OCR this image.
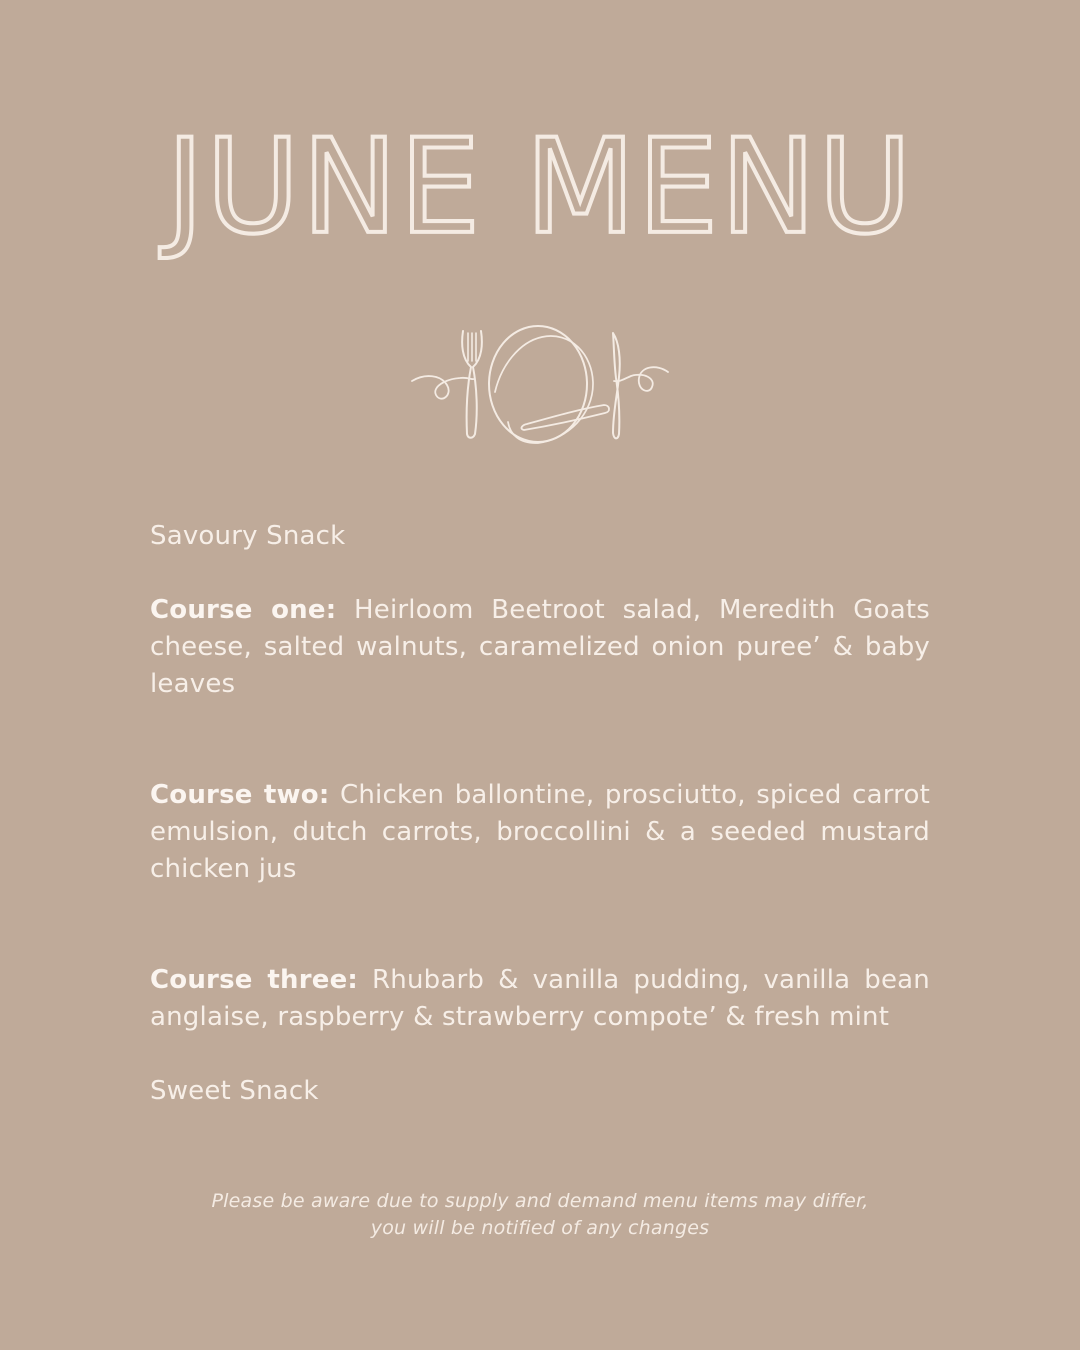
JUNE MENU

Savoury Snack

Course one: Heirloom Beetroot salad, Meredith Goats cheese, salted walnuts, caramelized onion puree’ & baby leaves

Course two: Chicken ballontine, prosciutto, spiced carrot emulsion, dutch carrots, broccollini & a seeded mustard chicken jus

Course three: Rhubarb & vanilla pudding, vanilla bean anglaise, raspberry & strawberry compote’ & fresh mint

Sweet Snack

Please be aware due to supply and demand menu items may differ,
you will be notified of any changes
